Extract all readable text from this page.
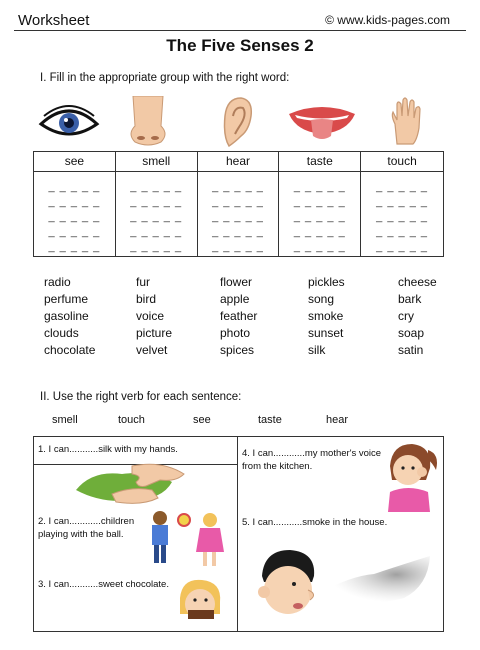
Worksheet	© www.kids-pages.com
The Five Senses 2
I. Fill in the appropriate group with the right word:
see
_ _ _ _ _
_ _ _ _ _
_ _ _ _ _
_ _ _ _ _
_ _ _ _ _
smell
_ _ _ _ _
_ _ _ _ _
_ _ _ _ _
_ _ _ _ _
_ _ _ _ _
hear
_ _ _ _ _
_ _ _ _ _
_ _ _ _ _
_ _ _ _ _
_ _ _ _ _
taste
_ _ _ _ _
_ _ _ _ _
_ _ _ _ _
_ _ _ _ _
_ _ _ _ _
touch
_ _ _ _ _
_ _ _ _ _
_ _ _ _ _
_ _ _ _ _
_ _ _ _ _
radio	fur	flower	pickles	cheese
perfume	bird	apple	song	bark
gasoline	voice	feather	smoke	cry
clouds	picture	photo	sunset	soap
chocolate	velvet	spices	silk	satin
II. Use the right verb for each sentence:
smell	touch	see	taste	hear
1. I can...........silk with my hands.
2. I can............children
playing with the ball.
3. I can...........sweet chocolate.
4. I can............my mother's voice
from the kitchen.
5. I can...........smoke in the house.
